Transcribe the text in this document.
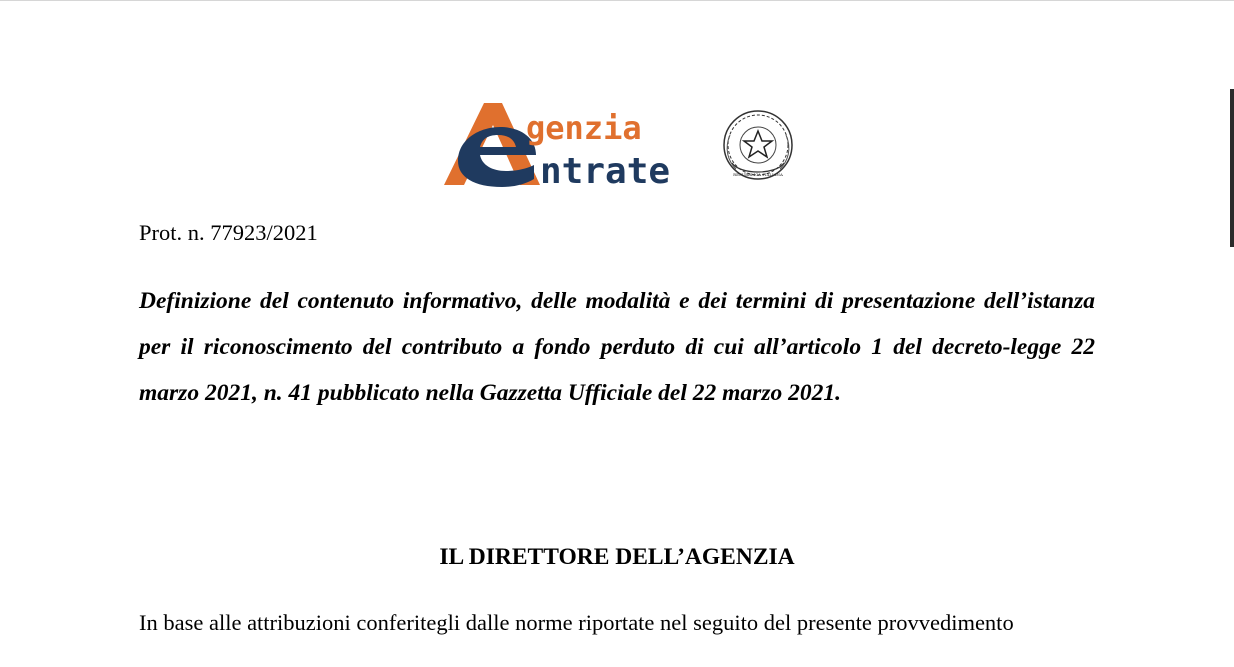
genzia
ntrate	REPUBBLICA ITALIANA
Prot. n. 77923/2021
Definizione del contenuto informativo, delle modalità e dei termini di presentazione dell’istanza per il riconoscimento del contributo a fondo perduto di cui all’articolo 1 del decreto-legge 22 marzo 2021, n. 41 pubblicato nella Gazzetta Ufficiale del 22 marzo 2021.
IL DIRETTORE DELL’AGENZIA
In base alle attribuzioni conferitegli dalle norme riportate nel seguito del presente provvedimento
